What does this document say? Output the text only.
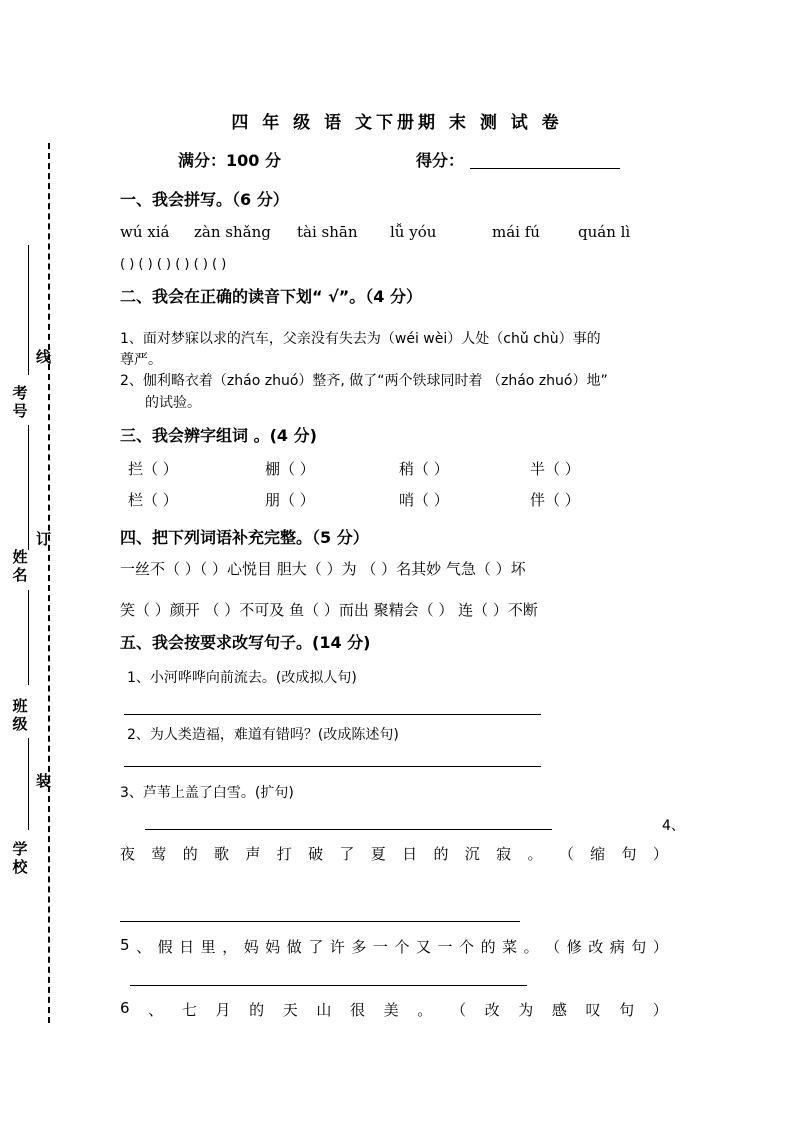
线
订
装
考号
姓名
班级
学校
四 年 级 语 文下册期 末 测 试 卷
满分：100 分	得分：
一、我会拼写。（6 分）
wú xiá zàn shǎng tài shān lǚ yóu	mái fú	quán lì
( ) ( ) ( ) ( ) ( ) ( )
二、我会在正确的读音下划“ √”。（4 分）
1、面对梦寐以求的汽车，父亲没有失去为（wéi wèi）人处（chǔ chù）事的
尊严。
2、伽利略衣着（zháo zhuó）整齐, 做了“两个铁球同时着 （zháo zhuó）地”
的试验。
三、我会辨字组词 。(4 分)
拦（ ）	棚（ ）	稍（ ）	半（ ）
栏（ ）	朋（ ）	哨（ ）	伴（ ）
四、把下列词语补充完整。（5 分）
一丝不（ ）（ ）心悦目 胆大（ ）为 （ ）名其妙 气急（ ）坏
笑（ ）颜开 （ ）不可及 鱼（ ）而出 聚精会（ ） 连（ ）不断
五、我会按要求改写句子。(14 分)
1、小河哗哗向前流去。(改成拟人句)
2、为人类造福，难道有错吗？(改成陈述句)
3、芦苇上盖了白雪。(扩句)
4、
夜 莺 的 歌 声 打 破 了 夏 日 的 沉 寂 。 （ 缩 句 ）
5 、 假 日 里 ， 妈 妈 做 了 许 多 一 个 又 一 个 的 菜 。 （ 修 改 病 句 ）
6 、 七 月 的 天 山 很 美 。 （ 改 为 感 叹 句 ）
